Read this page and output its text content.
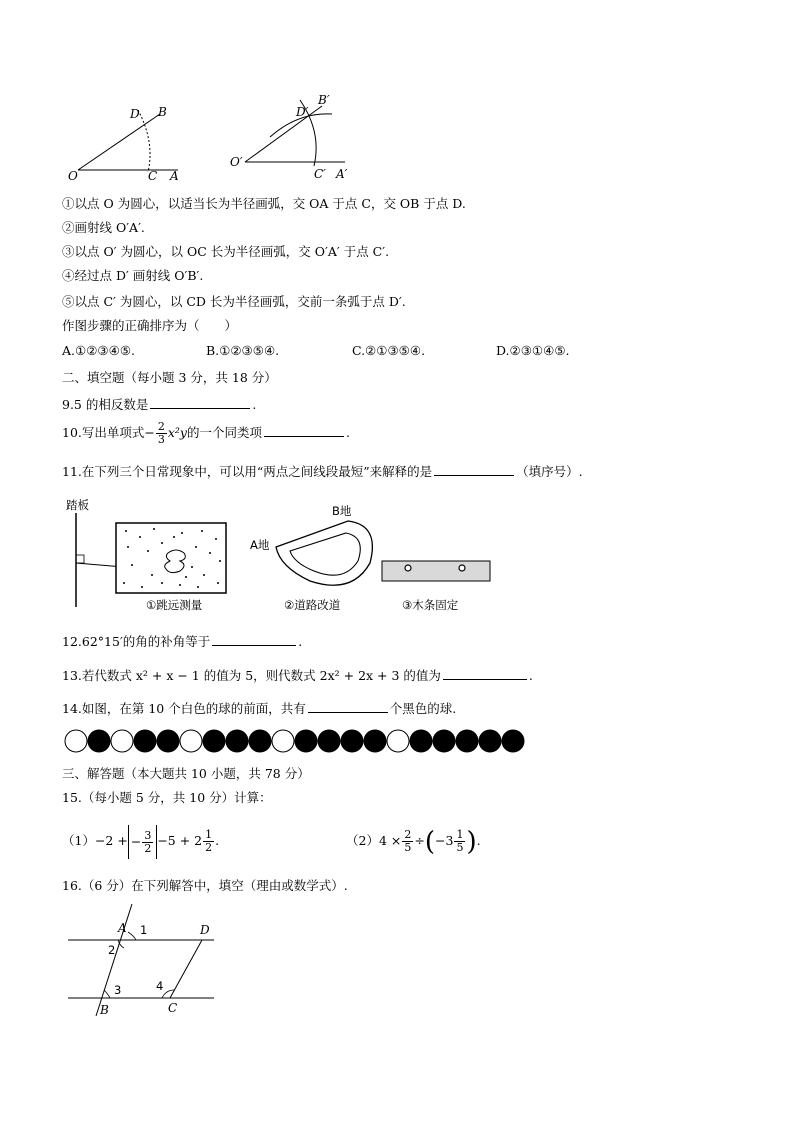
O	C A
D B
O′
C′ A′
D′
B′
①以点 O 为圆心，以适当长为半径画弧，交 OA 于点 C，交 OB 于点 D.
②画射线 O′A′.
③以点 O′ 为圆心，以 OC 长为半径画弧，交 O′A′ 于点 C′.
④经过点 D′ 画射线 O′B′.
⑤以点 C′ 为圆心，以 CD 长为半径画弧，交前一条弧于点 D′.
作图步骤的正确排序为（　　）
A.①②③④⑤.	B.①②③⑤④.	C.②①③⑤④.	D.②③①④⑤.
二、填空题（每小题 3 分，共 18 分）
9.5 的相反数是	.
10.写出单项式− $\frac{2}{3} x^2y$的一个同类项	.
11.在下列三个日常现象中，可以用“两点之间线段最短”来解释的是	（填序号）.
踏板
①跳远测量
A地
B地
②道路改道	③木条固定
12.62°15′的角的补角等于	.
13.若代数式 x² + x − 1 的值为 5，则代数式 2x² + 2x + 3 的值为	.
14.如图，在第 10 个白色的球的前面，共有	个黑色的球.
三、解答题（本大题共 10 小题，共 78 分）
15.（每小题 5 分，共 10 分）计算：
（1）−2 + − $\frac{3}{2} -5 + 2 \frac{1}{2}$ .	$(2)4 \times \frac{2}{5} \div(-3 \frac{1}{5}$ ).
16.（6 分）在下列解答中，填空（理由或数学式）.
A	D
B	C
1
2
3	4
